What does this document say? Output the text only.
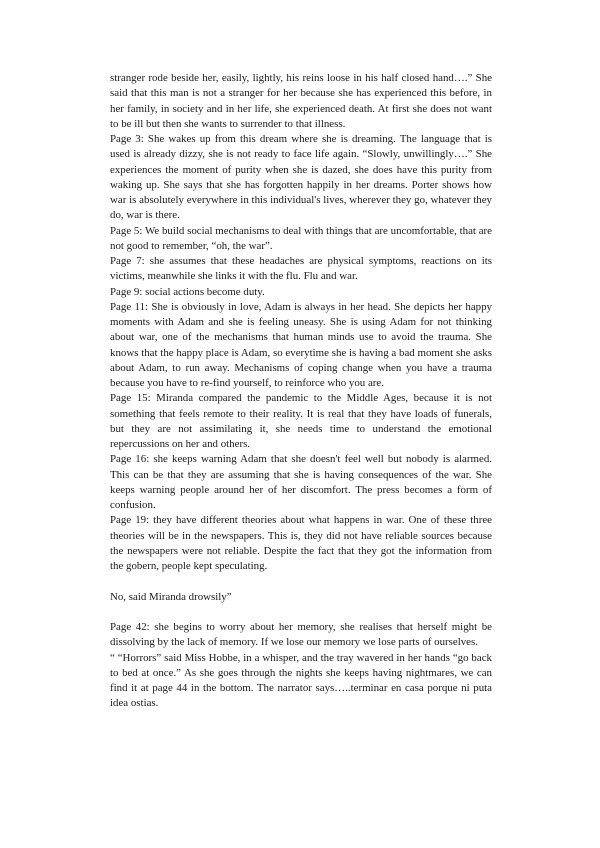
stranger rode beside her, easily, lightly, his reins loose in his half closed hand….” She said that this man is not a stranger for her because she has experienced this before, in her family, in society and in her life, she experienced death. At first she does not want to be ill but then she wants to surrender to that illness.

Page 3: She wakes up from this dream where she is dreaming. The language that is used is already dizzy, she is not ready to face life again. “Slowly, unwillingly….” She experiences the moment of purity when she is dazed, she does have this purity from waking up. She says that she has forgotten happily in her dreams. Porter shows how war is absolutely everywhere in this individual's lives, wherever they go, whatever they do, war is there.

Page 5: We build social mechanisms to deal with things that are uncomfortable, that are not good to remember, “oh, the war”.

Page 7: she assumes that these headaches are physical symptoms, reactions on its victims, meanwhile she links it with the flu. Flu and war.

Page 9: social actions become duty.

Page 11: She is obviously in love, Adam is always in her head. She depicts her happy moments with Adam and she is feeling uneasy. She is using Adam for not thinking about war, one of the mechanisms that human minds use to avoid the trauma. She knows that the happy place is Adam, so everytime she is having a bad moment she asks about Adam, to run away. Mechanisms of coping change when you have a trauma because you have to re-find yourself, to reinforce who you are.

Page 15: Miranda compared the pandemic to the Middle Ages, because it is not something that feels remote to their reality. It is real that they have loads of funerals, but they are not assimilating it, she needs time to understand the emotional repercussions on her and others.

Page 16: she keeps warning Adam that she doesn't feel well but nobody is alarmed. This can be that they are assuming that she is having consequences of the war. She keeps warning people around her of her discomfort. The press becomes a form of confusion.

Page 19: they have different theories about what happens in war. One of these three theories will be in the newspapers. This is, they did not have reliable sources because the newspapers were not reliable. Despite the fact that they got the information from the gobern, people kept speculating.

No, said Miranda drowsily”

Page 42: she begins to worry about her memory, she realises that herself might be dissolving by the lack of memory. If we lose our memory we lose parts of ourselves.

“ “Horrors” said Miss Hobbe, in a whisper, and the tray wavered in her hands “go back to bed at once.” As she goes through the nights she keeps having nightmares, we can find it at page 44 in the bottom. The narrator says…..terminar en casa porque ni puta idea ostias.
